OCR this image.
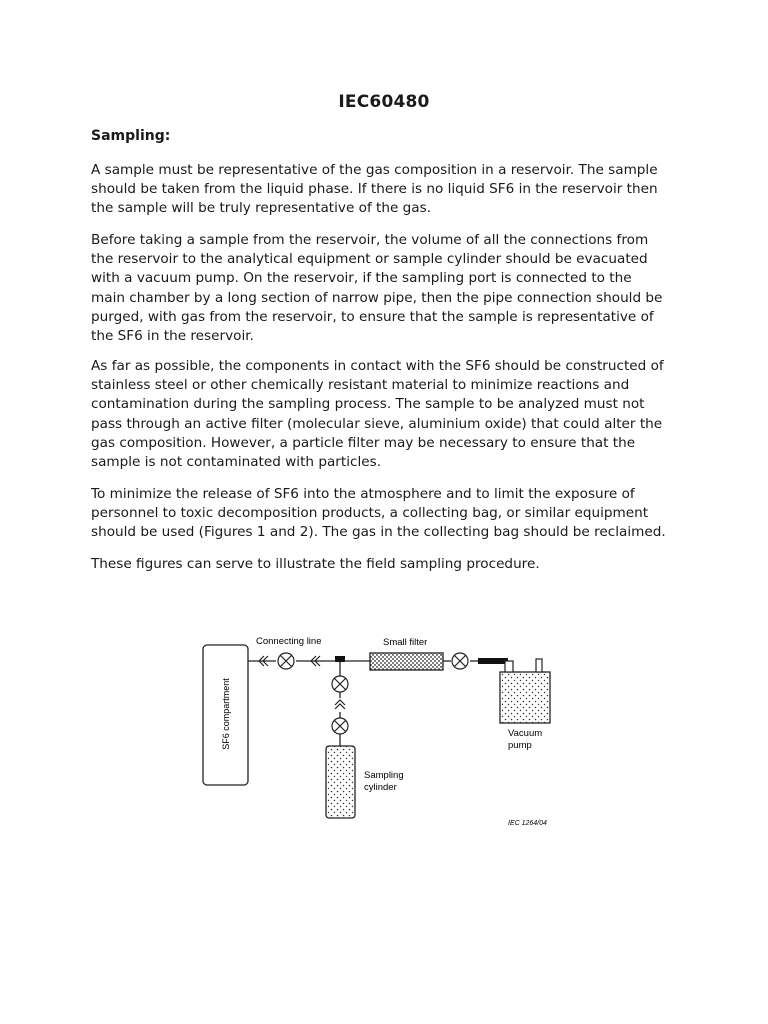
IEC60480
Sampling:

A sample must be representative of the gas composition in a reservoir. The sample
should be taken from the liquid phase. If there is no liquid SF6 in the reservoir then
the sample will be truly representative of the gas.

Before taking a sample from the reservoir, the volume of all the connections from
the reservoir to the analytical equipment or sample cylinder should be evacuated
with a vacuum pump. On the reservoir, if the sampling port is connected to the
main chamber by a long section of narrow pipe, then the pipe connection should be
purged, with gas from the reservoir, to ensure that the sample is representative of
the SF6 in the reservoir.

As far as possible, the components in contact with the SF6 should be constructed of
stainless steel or other chemically resistant material to minimize reactions and
contamination during the sampling process. The sample to be analyzed must not
pass through an active filter (molecular sieve, aluminium oxide) that could alter the
gas composition. However, a particle filter may be necessary to ensure that the
sample is not contaminated with particles.

To minimize the release of SF6 into the atmosphere and to limit the exposure of
personnel to toxic decomposition products, a collecting bag, or similar equipment
should be used (Figures 1 and 2). The gas in the collecting bag should be reclaimed.

These figures can serve to illustrate the field sampling procedure.

SF6 compartment
Connecting line	Small filter
Vacuum
pump
Sampling
cylinder
IEC 1264/04
